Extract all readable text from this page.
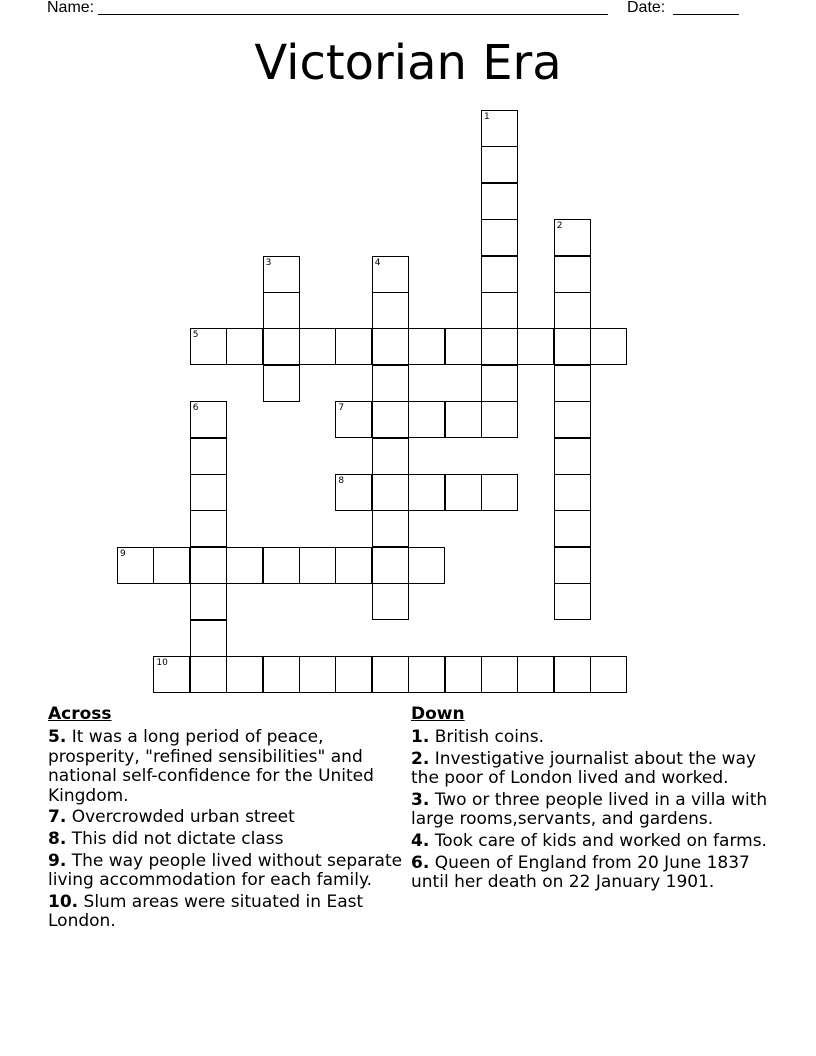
Name:	Date:
Victorian Era
1
2
3	4
5
6	7
8
9
10
Across
5. It was a long period of peace, prosperity, "refined sensibilities" and national self-confidence for the United Kingdom.
7. Overcrowded urban street
8. This did not dictate class
9. The way people lived without separate living accommodation for each family.
10. Slum areas were situated in East London.
Down
1. British coins.
2. Investigative journalist about the way the poor of London lived and worked.
3. Two or three people lived in a villa with large rooms,servants, and gardens.
4. Took care of kids and worked on farms.
6. Queen of England from 20 June 1837 until her death on 22 January 1901.
